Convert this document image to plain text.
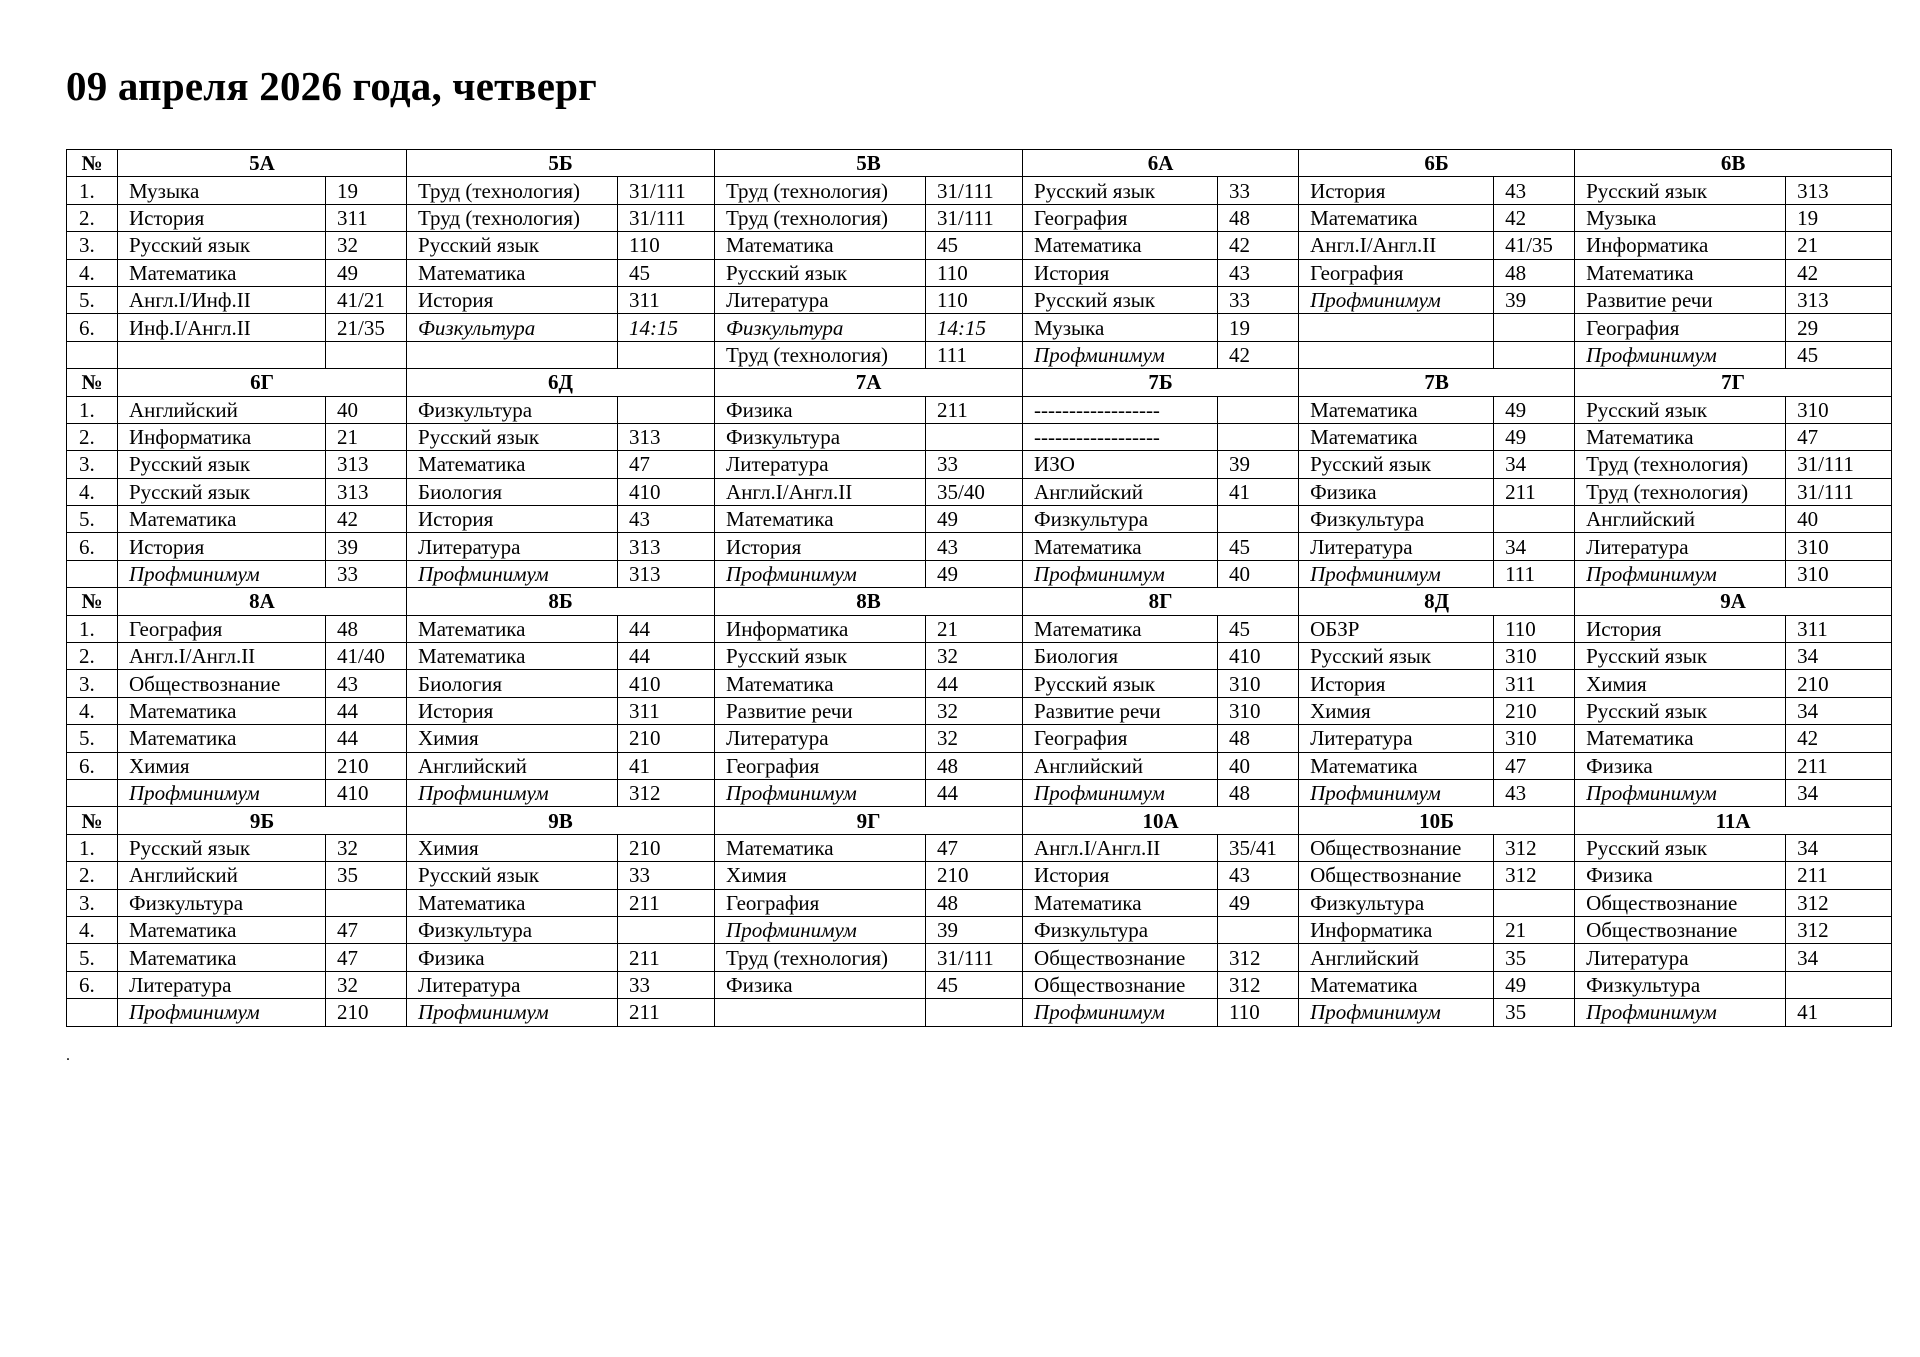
09 апреля 2026 года, четверг
№	5А		5Б		5В		6А		6Б		6В	
1.	Музыка	19	Труд (технология)	31/111	Труд (технология)	31/111	Русский язык	33	История	43	Русский язык	313
2.	История	311	Труд (технология)	31/111	Труд (технология)	31/111	География	48	Математика	42	Музыка	19
3.	Русский язык	32	Русский язык	110	Математика	45	Математика	42	Англ.I/Англ.II	41/35	Информатика	21
4.	Математика	49	Математика	45	Русский язык	110	История	43	География	48	Математика	42
5.	Англ.I/Инф.II	41/21	История	311	Литература	110	Русский язык	33	Профминимум	39	Развитие речи	313
6.	Инф.I/Англ.II	21/35	Физкультура	14:15	Физкультура	14:15	Музыка	19			География	29
					Труд (технология)	111	Профминимум	42			Профминимум	45
№	6Г		6Д		7А		7Б		7В		7Г	
1.	Английский	40	Физкультура		Физика	211	------------------		Математика	49	Русский язык	310
2.	Информатика	21	Русский язык	313	Физкультура		------------------		Математика	49	Математика	47
3.	Русский язык	313	Математика	47	Литература	33	ИЗО	39	Русский язык	34	Труд (технология)	31/111
4.	Русский язык	313	Биология	410	Англ.I/Англ.II	35/40	Английский	41	Физика	211	Труд (технология)	31/111
5.	Математика	42	История	43	Математика	49	Физкультура		Физкультура		Английский	40
6.	История	39	Литература	313	История	43	Математика	45	Литература	34	Литература	310
	Профминимум	33	Профминимум	313	Профминимум	49	Профминимум	40	Профминимум	111	Профминимум	310
№	8А		8Б		8В		8Г		8Д		9А	
1.	География	48	Математика	44	Информатика	21	Математика	45	ОБЗР	110	История	311
2.	Англ.I/Англ.II	41/40	Математика	44	Русский язык	32	Биология	410	Русский язык	310	Русский язык	34
3.	Обществознание	43	Биология	410	Математика	44	Русский язык	310	История	311	Химия	210
4.	Математика	44	История	311	Развитие речи	32	Развитие речи	310	Химия	210	Русский язык	34
5.	Математика	44	Химия	210	Литература	32	География	48	Литература	310	Математика	42
6.	Химия	210	Английский	41	География	48	Английский	40	Математика	47	Физика	211
	Профминимум	410	Профминимум	312	Профминимум	44	Профминимум	48	Профминимум	43	Профминимум	34
№	9Б		9В		9Г		10А		10Б		11А	
1.	Русский язык	32	Химия	210	Математика	47	Англ.I/Англ.II	35/41	Обществознание	312	Русский язык	34
2.	Английский	35	Русский язык	33	Химия	210	История	43	Обществознание	312	Физика	211
3.	Физкультура		Математика	211	География	48	Математика	49	Физкультура		Обществознание	312
4.	Математика	47	Физкультура		Профминимум	39	Физкультура		Информатика	21	Обществознание	312
5.	Математика	47	Физика	211	Труд (технология)	31/111	Обществознание	312	Английский	35	Литература	34
6.	Литература	32	Литература	33	Физика	45	Обществознание	312	Математика	49	Физкультура	
	Профминимум	210	Профминимум	211			Профминимум	110	Профминимум	35	Профминимум	41
.
